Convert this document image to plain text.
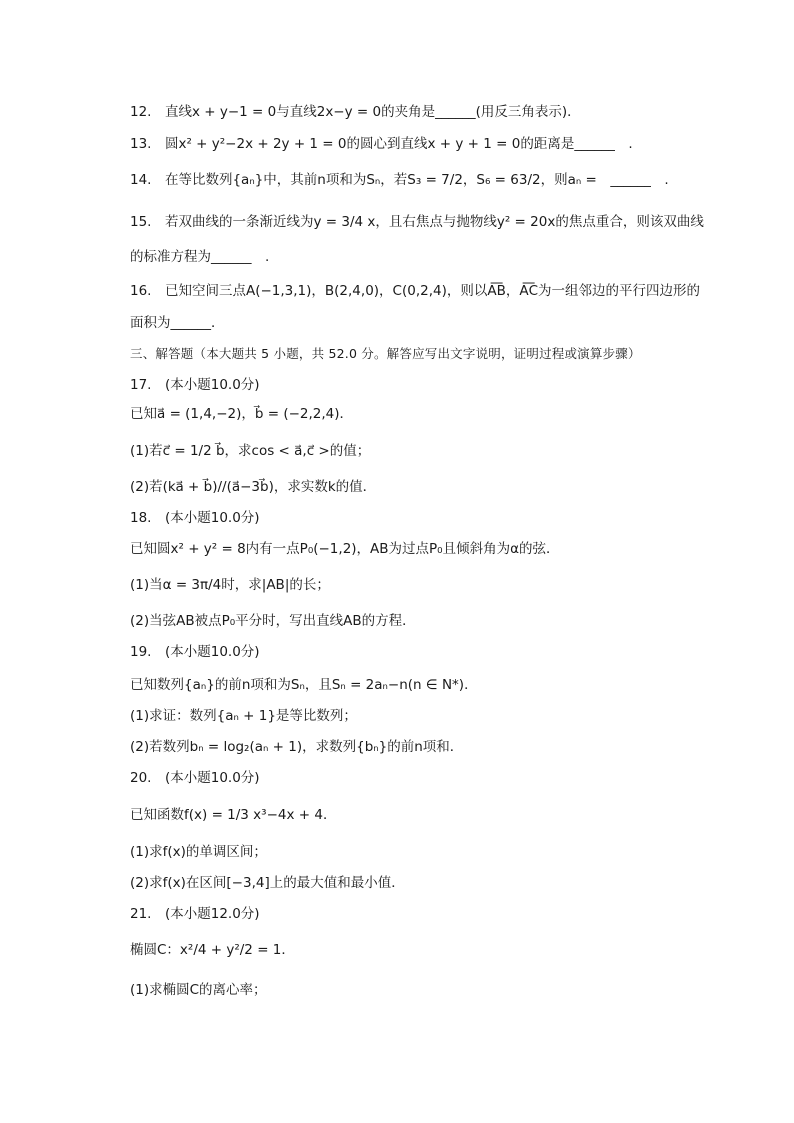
12.　直线x + y−1 = 0与直线2x−y = 0的夹角是______(用反三角表示)．
13.　圆x² + y²−2x + 2y + 1 = 0的圆心到直线x + y + 1 = 0的距离是______　.
14.　在等比数列{aₙ}中，其前n项和为Sₙ，若S₃ = 7/2，S₆ = 63/2，则aₙ =　______　.
15.　若双曲线的一条渐近线为y = 3/4 x，且右焦点与抛物线y² = 20x的焦点重合，则该双曲线
的标准方程为______　.
16.　已知空间三点A(−1,3,1)，B(2,4,0)，C(0,2,4)，则以A͞B，A͞C为一组邻边的平行四边形的
面积为______．
三、解答题（本大题共 5 小题，共 52.0 分。解答应写出文字说明，证明过程或演算步骤）
17.　(本小题10.0分)
已知a⃗ = (1,4,−2)，b⃗ = (−2,2,4)．
(1)若c⃗ = 1/2 b⃗，求cos < a⃗,c⃗ >的值；
(2)若(ka⃗ + b⃗)//(a⃗−3b⃗)，求实数k的值．
18.　(本小题10.0分)
已知圆x² + y² = 8内有一点P₀(−1,2)，AB为过点P₀且倾斜角为α的弦．
(1)当α = 3π/4时，求|AB|的长；
(2)当弦AB被点P₀平分时，写出直线AB的方程．
19.　(本小题10.0分)
已知数列{aₙ}的前n项和为Sₙ，且Sₙ = 2aₙ−n(n ∈ N*)．
(1)求证：数列{aₙ + 1}是等比数列；
(2)若数列bₙ = log₂(aₙ + 1)，求数列{bₙ}的前n项和．
20.　(本小题10.0分)
已知函数f(x) = 1/3 x³−4x + 4．
(1)求f(x)的单调区间；
(2)求f(x)在区间[−3,4]上的最大值和最小值．
21.　(本小题12.0分)
椭圆C：x²/4 + y²/2 = 1．
(1)求椭圆C的离心率；
